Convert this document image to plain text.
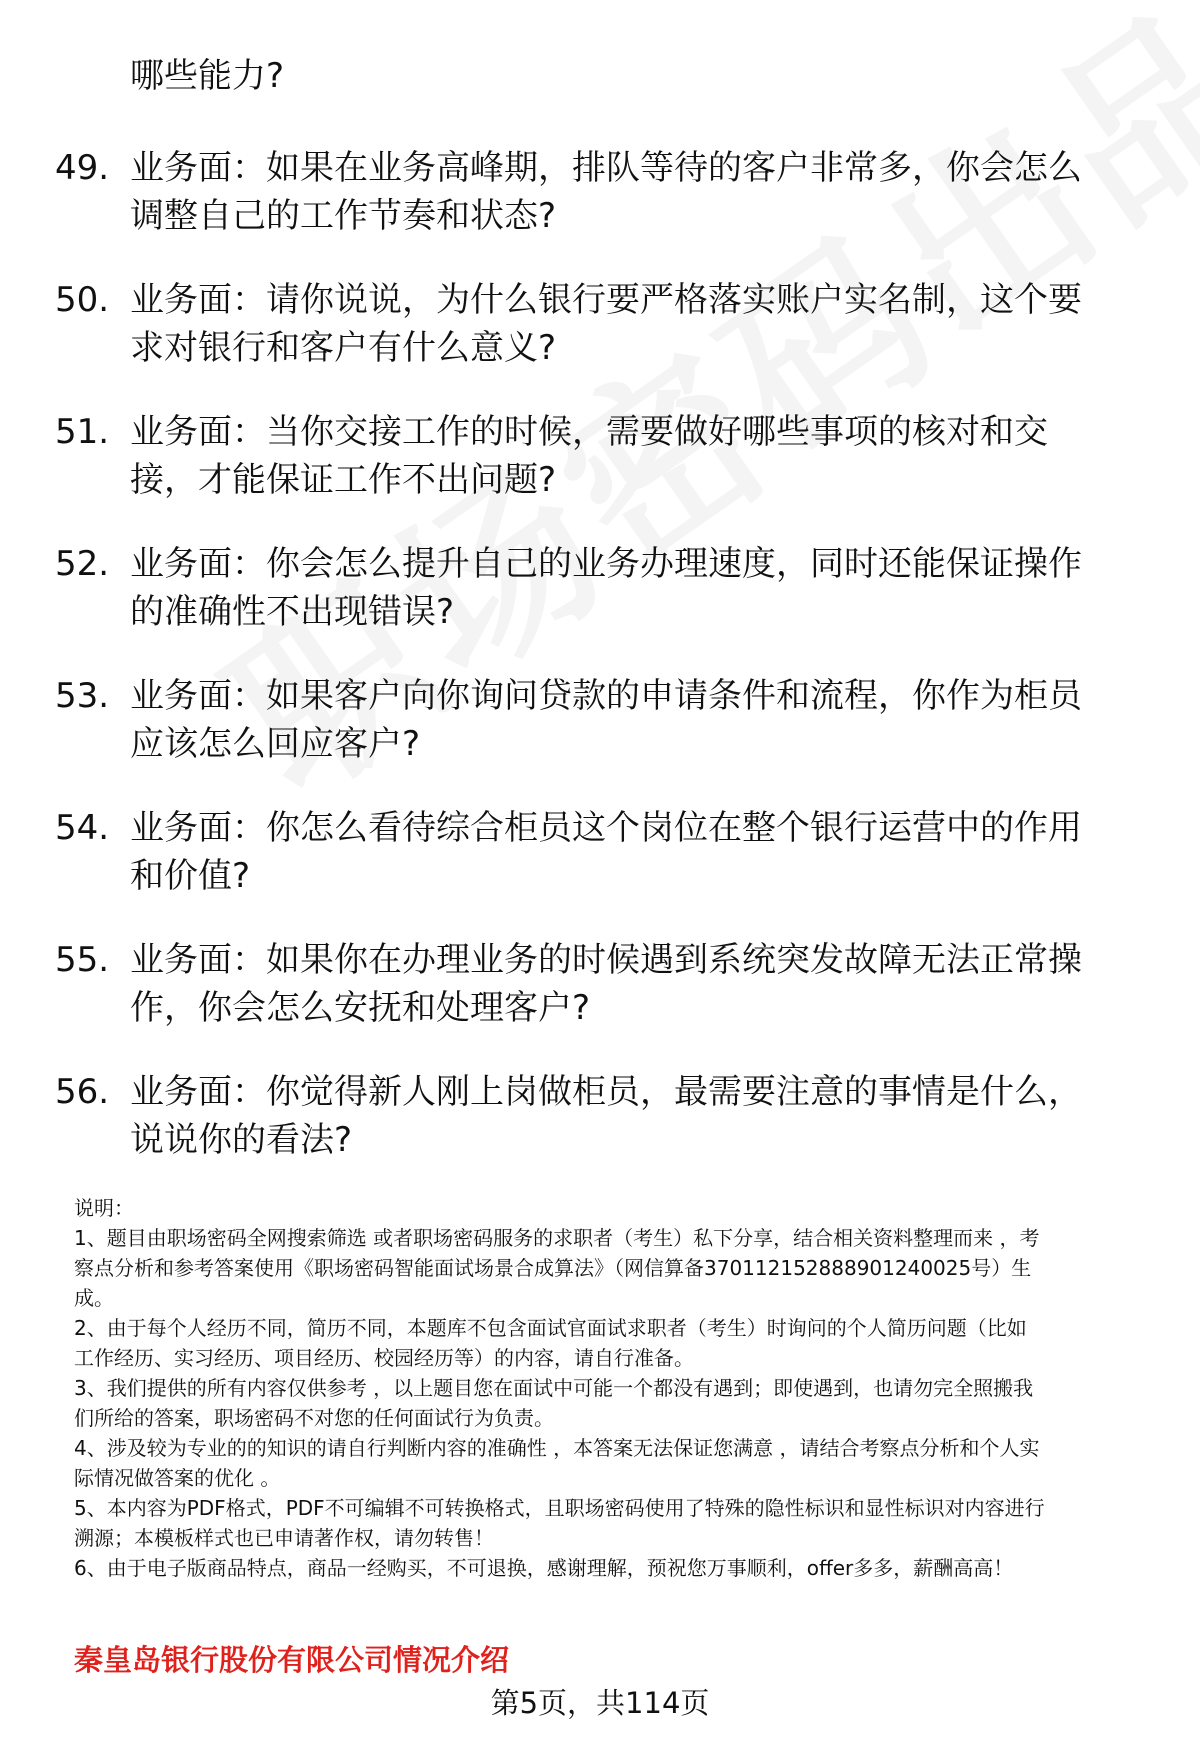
哪些能力?
49. 业务面：如果在业务高峰期，排队等待的客户非常多，你会怎么
调整自己的工作节奏和状态?
50. 业务面：请你说说，为什么银行要严格落实账户实名制，这个要
求对银行和客户有什么意义?
51. 业务面：当你交接工作的时候，需要做好哪些事项的核对和交
接，才能保证工作不出问题?
52. 业务面：你会怎么提升自己的业务办理速度，同时还能保证操作
的准确性不出现错误?
53. 业务面：如果客户向你询问贷款的申请条件和流程，你作为柜员
应该怎么回应客户?
54. 业务面：你怎么看待综合柜员这个岗位在整个银行运营中的作用
和价值?
55. 业务面：如果你在办理业务的时候遇到系统突发故障无法正常操
作，你会怎么安抚和处理客户?
56. 业务面：你觉得新人刚上岗做柜员，最需要注意的事情是什么，
说说你的看法?
说明：
1、题目由职场密码全网搜索筛选 或者职场密码服务的求职者（考生）私下分享，结合相关资料整理而来 ，考
察点分析和参考答案使用《职场密码智能面试场景合成算法》（网信算备370112152888901240025号）生
成。
2、由于每个人经历不同，简历不同，本题库不包含面试官面试求职者（考生）时询问的个人简历问题（比如
工作经历、实习经历、项目经历、校园经历等）的内容，请自行准备。
3、我们提供的所有内容仅供参考 ，以上题目您在面试中可能一个都没有遇到；即使遇到，也请勿完全照搬我
们所给的答案，职场密码不对您的任何面试行为负责。
4、涉及较为专业的的知识的请自行判断内容的准确性 ，本答案无法保证您满意 ，请结合考察点分析和个人实
际情况做答案的优化 。
5、本内容为PDF格式，PDF不可编辑不可转换格式，且职场密码使用了特殊的隐性标识和显性标识对内容进行
溯源；本模板样式也已申请著作权，请勿转售！
6、由于电子版商品特点，商品一经购买，不可退换，感谢理解，预祝您万事顺利，offer多多，薪酬高高！
秦皇岛银行股份有限公司情况介绍
第5页，共114页
